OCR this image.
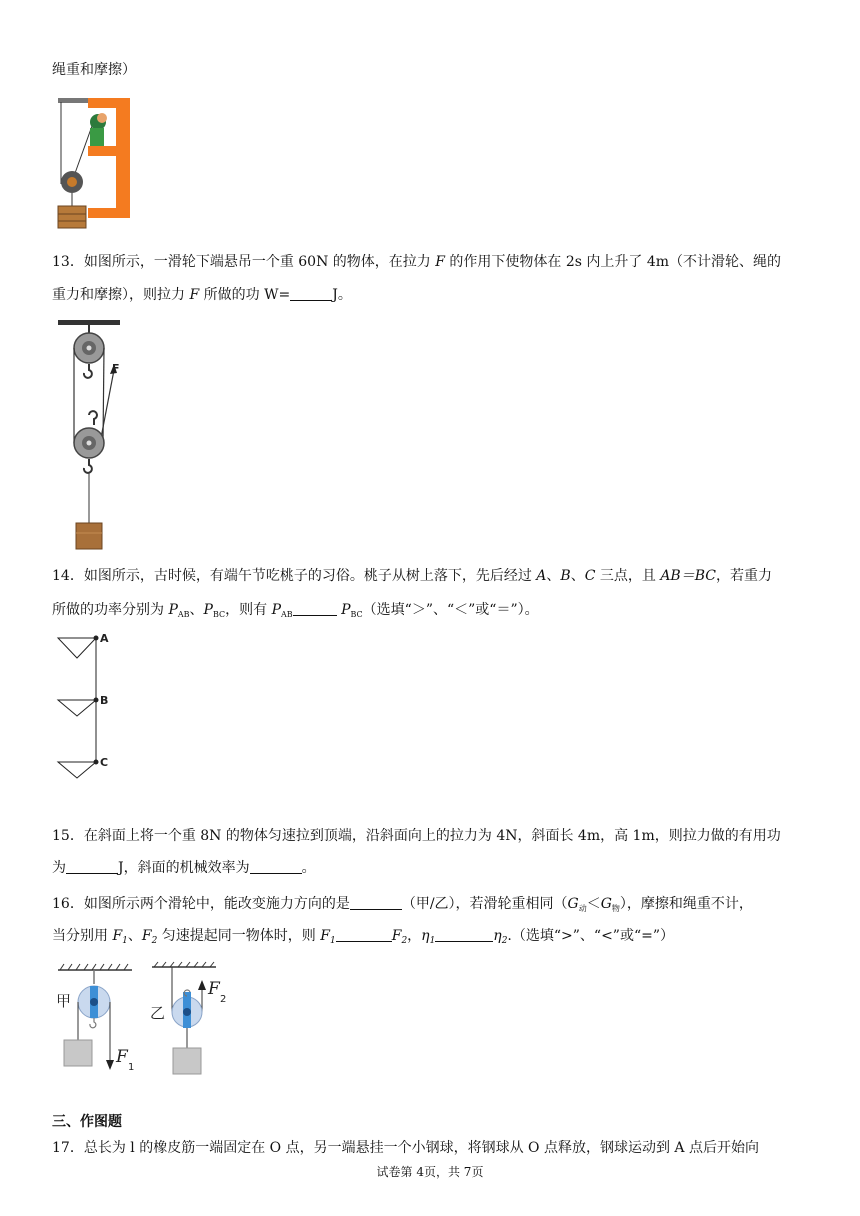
绳重和摩擦）
13．如图所示，一滑轮下端悬吊一个重 60N 的物体，在拉力 F 的作用下使物体在 2s 内上升了 4m（不计滑轮、绳的
重力和摩擦），则拉力 F 所做的功 W=	J。
F
14．如图所示，古时候，有端午节吃桃子的习俗。桃子从树上落下，先后经过 A、B、C 三点，且 AB＝BC，若重力
所做的功率分别为 $P_{AB}$、$P_{BC}$，则有 $P_{AB}$	$P_{BC}$（选填“＞”、“＜”或“＝”）。
A
B
C
15．在斜面上将一个重 8N 的物体匀速拉到顶端，沿斜面向上的拉力为 4N，斜面长 4m，高 1m，则拉力做的有用功
为	J，斜面的机械效率为	。
16．如图所示两个滑轮中，能改变施力方向的是	（甲/乙），若滑轮重相同$(G_动<G_物)$，摩擦和绳重不计，
当分别用 $F_1$、$F_2$ 匀速提起同一物体时，则 $F_1$	$F_2$，$\eta_1$	$\eta_2$.（选填“>”、“<”或“=”）
甲
乙
F
1
F
2
三、作图题
17．总长为 l 的橡皮筋一端固定在 O 点，另一端悬挂一个小钢球，将钢球从 O 点释放，钢球运动到 A 点后开始向
试卷第 4页，共 7页
